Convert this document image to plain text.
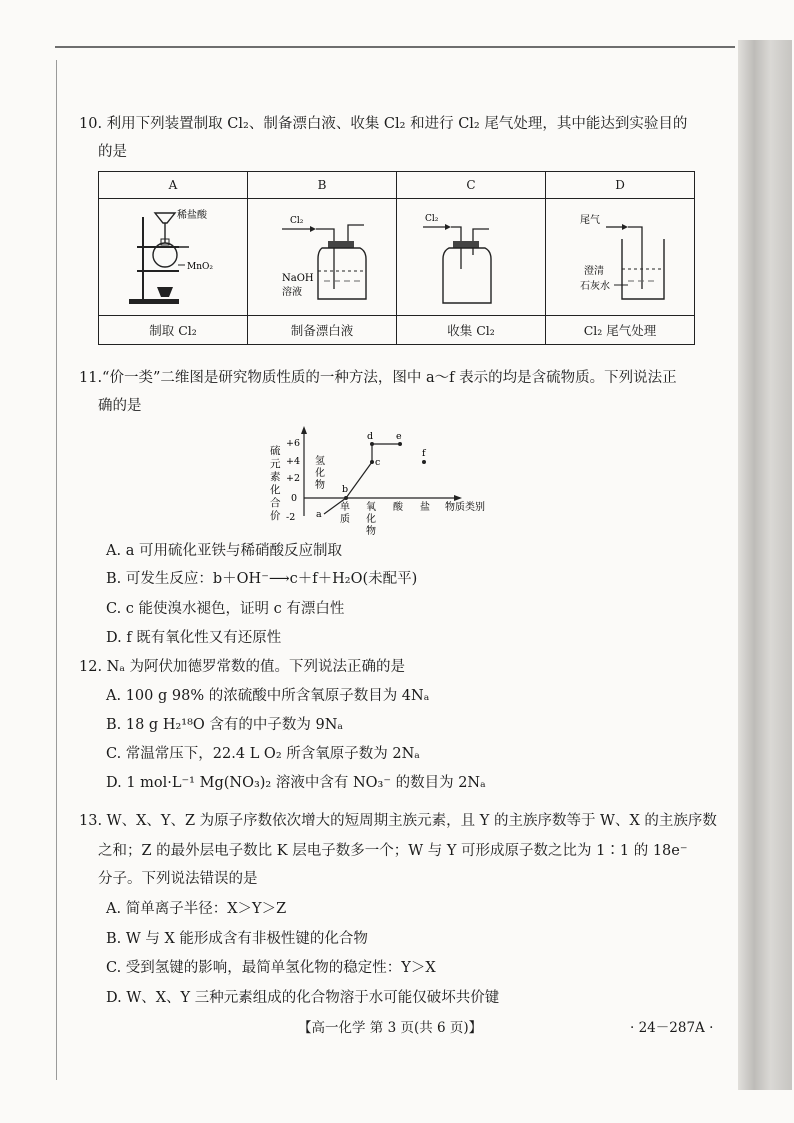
10. 利用下列装置制取 Cl₂、制备漂白液、收集 Cl₂ 和进行 Cl₂ 尾气处理，其中能达到实验目的
的是
A	B	C	D

稀盐酸
MnO₂	Cl₂
NaOH
溶液	Cl₂	尾气
澄清
石灰水

制取 Cl₂	制备漂白液	收集 Cl₂	Cl₂ 尾气处理
11.“价一类”二维图是研究物质性质的一种方法，图中 a～f 表示的均是含硫物质。下列说法正
确的是
硫
元
素
化
合
价
+6
+4
+2
0
-2
氢
化
物
单
质
氧
化
物
酸 盐 物质类别
a
b
c
d e
f
A. a 可用硫化亚铁与稀硝酸反应制取
B. 可发生反应：b＋OH⁻⟶c＋f＋H₂O(未配平)
C. c 能使溴水褪色，证明 c 有漂白性
D. f 既有氧化性又有还原性
12. Nₐ 为阿伏加德罗常数的值。下列说法正确的是
A. 100 g 98% 的浓硫酸中所含氧原子数目为 4Nₐ
B. 18 g H₂¹⁸O 含有的中子数为 9Nₐ
C. 常温常压下，22.4 L O₂ 所含氧原子数为 2Nₐ
D. 1 mol·L⁻¹ Mg(NO₃)₂ 溶液中含有 NO₃⁻ 的数目为 2Nₐ
13. W、X、Y、Z 为原子序数依次增大的短周期主族元素，且 Y 的主族序数等于 W、X 的主族序数
之和；Z 的最外层电子数比 K 层电子数多一个；W 与 Y 可形成原子数之比为 1∶1 的 18e⁻
分子。下列说法错误的是
A. 简单离子半径：X＞Y＞Z
B. W 与 X 能形成含有非极性键的化合物
C. 受到氢键的影响，最简单氢化物的稳定性：Y＞X
D. W、X、Y 三种元素组成的化合物溶于水可能仅破坏共价键
【高一化学 第 3 页(共 6 页)】	· 24－287A ·
